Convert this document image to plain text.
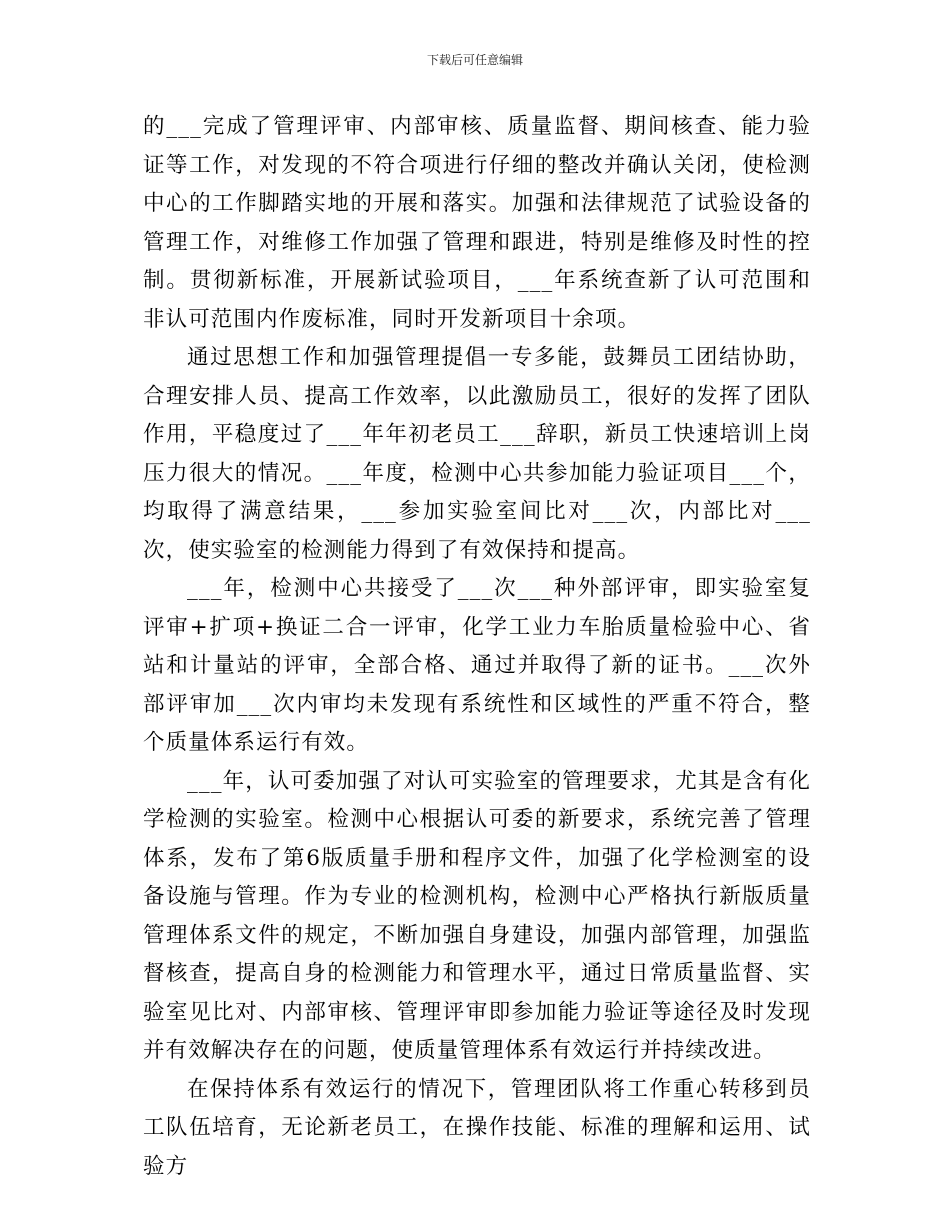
下载后可任意编辑

的___完成了管理评审、内部审核、质量监督、期间核查、能力验证等工作，对发现的不符合项进行仔细的整改并确认关闭，使检测中心的工作脚踏实地的开展和落实。加强和法律规范了试验设备的管理工作，对维修工作加强了管理和跟进，特别是维修及时性的控制。贯彻新标准，开展新试验项目，___年系统查新了认可范围和非认可范围内作废标准，同时开发新项目十余项。

通过思想工作和加强管理提倡一专多能，鼓舞员工团结协助，合理安排人员、提高工作效率，以此激励员工，很好的发挥了团队作用，平稳度过了___年年初老员工___辞职，新员工快速培训上岗压力很大的情况。___年度，检测中心共参加能力验证项目___个，均取得了满意结果，___参加实验室间比对___次，内部比对___次，使实验室的检测能力得到了有效保持和提高。

___年，检测中心共接受了___次___种外部评审，即实验室复评审+扩项+换证二合一评审，化学工业力车胎质量检验中心、省站和计量站的评审，全部合格、通过并取得了新的证书。___次外部评审加___次内审均未发现有系统性和区域性的严重不符合，整个质量体系运行有效。

___年，认可委加强了对认可实验室的管理要求，尤其是含有化学检测的实验室。检测中心根据认可委的新要求，系统完善了管理体系，发布了第6版质量手册和程序文件，加强了化学检测室的设备设施与管理。作为专业的检测机构，检测中心严格执行新版质量管理体系文件的规定，不断加强自身建设，加强内部管理，加强监督核查，提高自身的检测能力和管理水平，通过日常质量监督、实验室见比对、内部审核、管理评审即参加能力验证等途径及时发现并有效解决存在的问题，使质量管理体系有效运行并持续改进。

在保持体系有效运行的情况下，管理团队将工作重心转移到员工队伍培育，无论新老员工，在操作技能、标准的理解和运用、试验方
